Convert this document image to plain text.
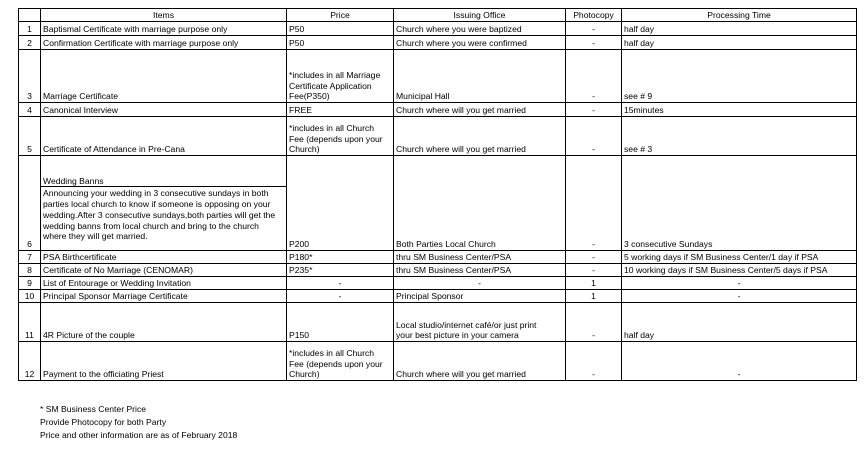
	Items	Price	Issuing Office	Photocopy	Processing Time
1	Baptismal Certificate with marriage purpose only	P50	Church where you were baptized	-	half day
2	Confirmation Certificate with marriage purpose only	P50	Church where you were confirmed	-	half day
3	Marriage Certificate	*includes in all Marriage
Certificate Application
Fee(P350)	Municipal Hall	-	see # 9
4	Canonical Interview	FREE	Church where will you get married	-	15minutes
5	Certificate of Attendance in Pre-Cana	*includes in all Church
Fee (depends upon your
Church)	Church where will you get married	-	see # 3
6	Wedding Banns
Announcing your wedding in 3 consecutive sundays in both parties local church to know if someone is opposing on your wedding.After 3 consecutive sundays,both parties will get the wedding banns from local church and bring to the church where they will get married.	P200	Both Parties Local Church	-	3 consecutive Sundays
7	PSA Birthcertificate	P180*	thru SM Business Center/PSA	-	5 working days if SM Business Center/1 day if PSA
8	Certificate of No Marriage (CENOMAR)	P235*	thru SM Business Center/PSA	-	10 working days if SM Business Center/5 days if PSA
9	List of Entourage or Wedding Invitation	-	-	1	-
10	Principal Sponsor Marriage Certificate	-	Principal Sponsor	1	-
11	4R Picture of the couple	P150	Local studio/internet café/or just print
your best picture in your camera	-	half day
12	Payment to the officiating Priest	*includes in all Church
Fee (depends upon your
Church)	Church where will you get married	-	-
* SM Business Center Price
Provide Photocopy for both Party
Price and other information are as of February 2018
